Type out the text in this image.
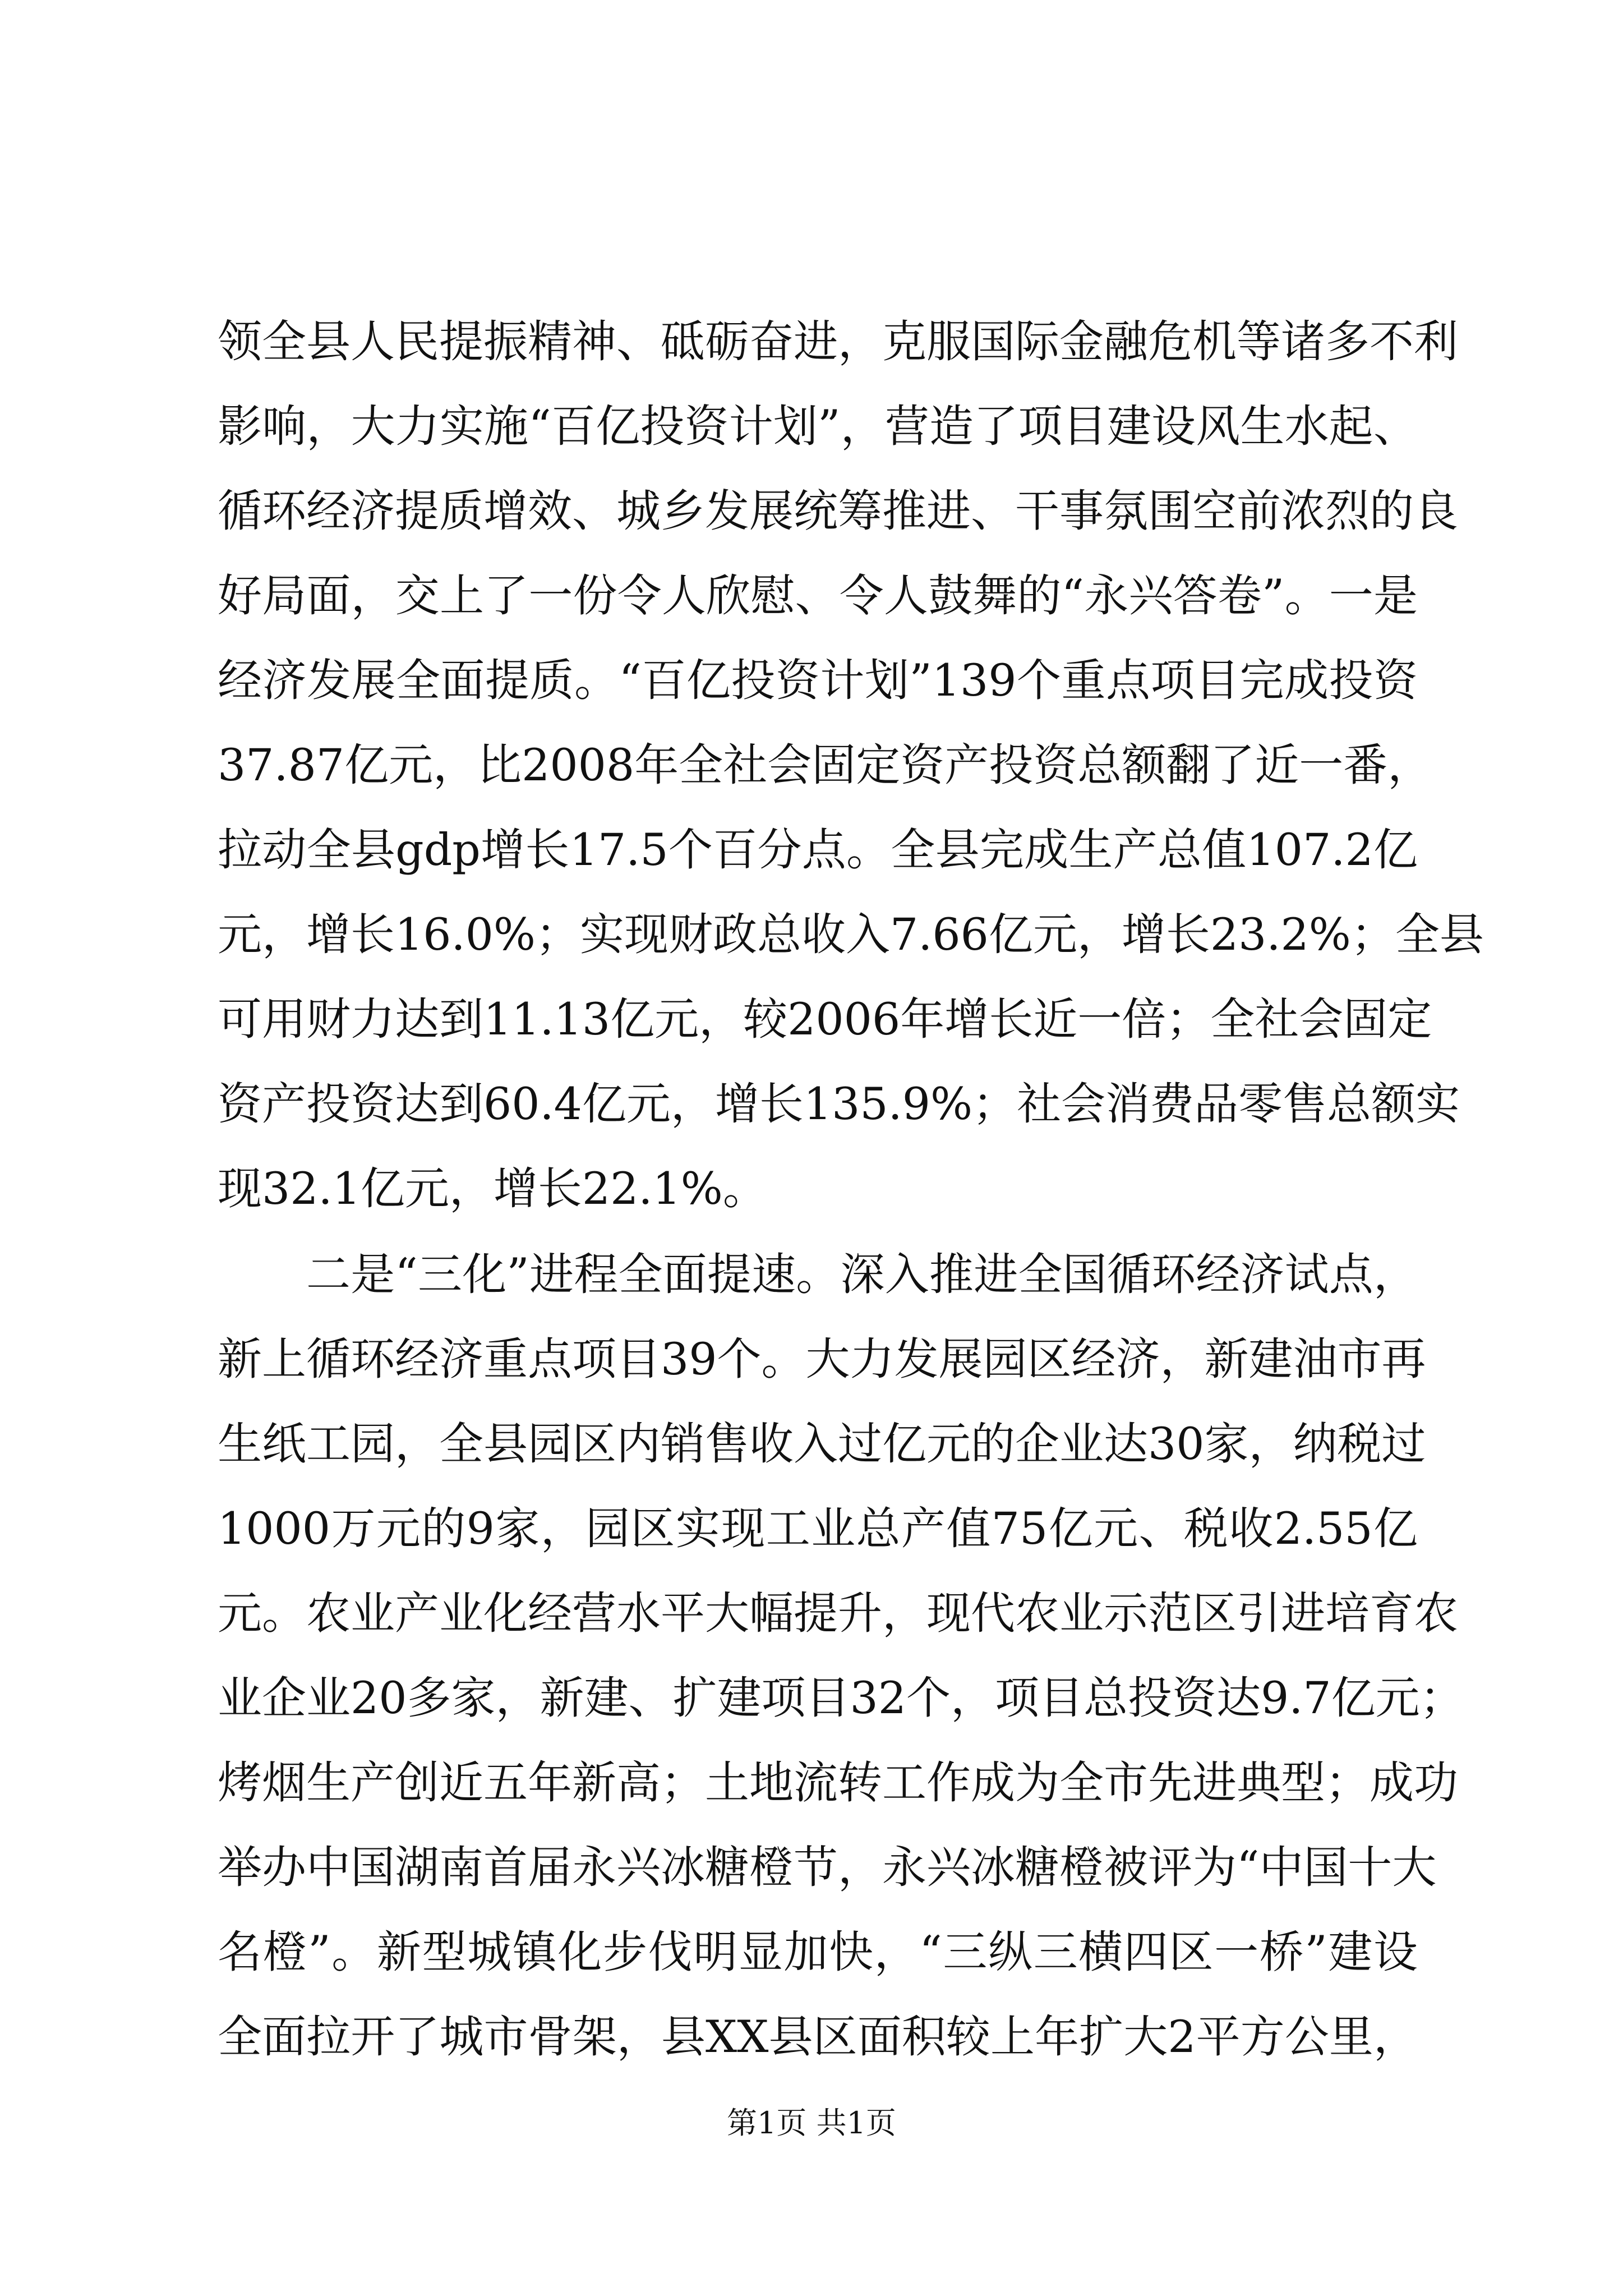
领全县人民提振精神、砥砺奋进，克服国际金融危机等诸多不利
影响，大力实施“百亿投资计划”，营造了项目建设风生水起、
循环经济提质增效、城乡发展统筹推进、干事氛围空前浓烈的良
好局面，交上了一份令人欣慰、令人鼓舞的“永兴答卷”。一是
经济发展全面提质。“百亿投资计划”139个重点项目完成投资
37.87亿元，比2008年全社会固定资产投资总额翻了近一番，
拉动全县gdp增长17.5个百分点。全县完成生产总值107.2亿
元，增长16.0%；实现财政总收入7.66亿元，增长23.2%；全县
可用财力达到11.13亿元，较2006年增长近一倍；全社会固定
资产投资达到60.4亿元，增长135.9%；社会消费品零售总额实
现32.1亿元，增长22.1%。
二是“三化”进程全面提速。深入推进全国循环经济试点，
新上循环经济重点项目39个。大力发展园区经济，新建油市再
生纸工园，全县园区内销售收入过亿元的企业达30家，纳税过
1000万元的9家，园区实现工业总产值75亿元、税收2.55亿
元。农业产业化经营水平大幅提升，现代农业示范区引进培育农
业企业20多家，新建、扩建项目32个，项目总投资达9.7亿元；
烤烟生产创近五年新高；土地流转工作成为全市先进典型；成功
举办中国湖南首届永兴冰糖橙节，永兴冰糖橙被评为“中国十大
名橙”。新型城镇化步伐明显加快，“三纵三横四区一桥”建设
全面拉开了城市骨架，县XX县区面积较上年扩大2平方公里，
第1页 共1页
